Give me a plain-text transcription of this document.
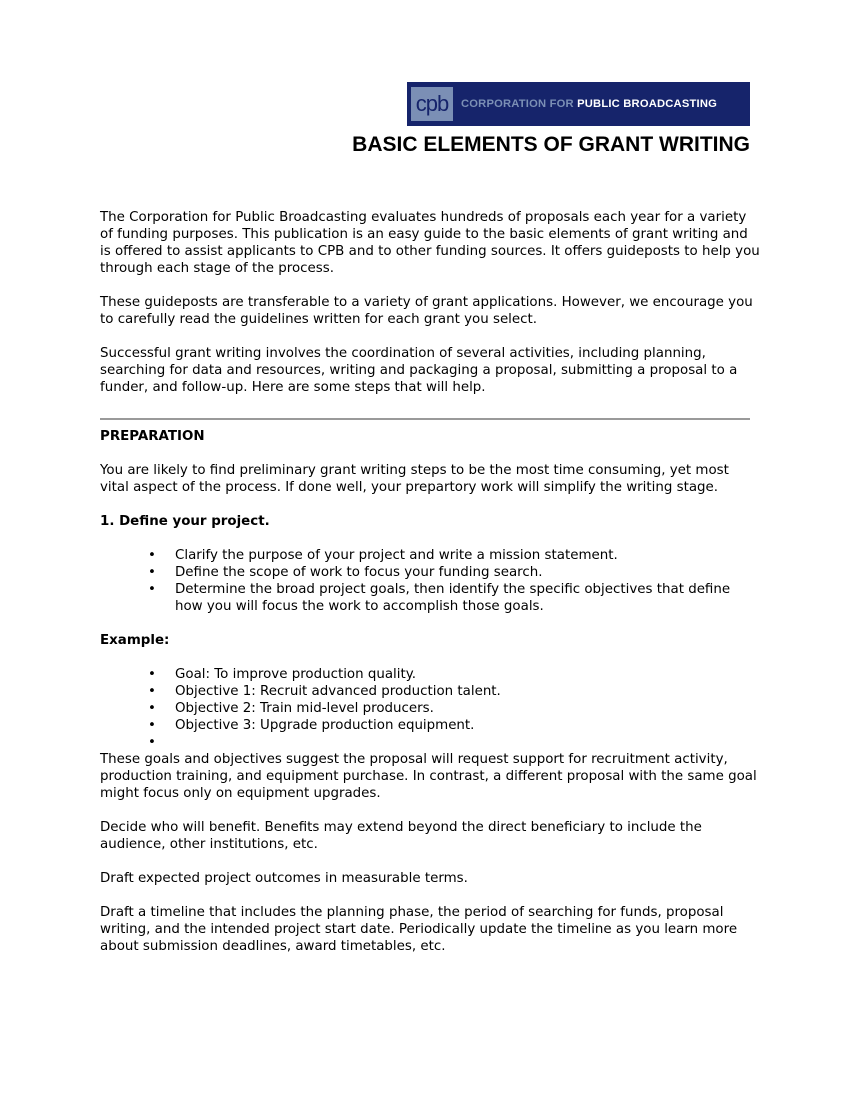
cpb	CORPORATION FOR PUBLIC BROADCASTING
BASIC ELEMENTS OF GRANT WRITING

The Corporation for Public Broadcasting evaluates hundreds of proposals each year for a variety of funding purposes. This publication is an easy guide to the basic elements of grant writing and is offered to assist applicants to CPB and to other funding sources. It offers guideposts to help you through each stage of the process.

These guideposts are transferable to a variety of grant applications. However, we encourage you to carefully read the guidelines written for each grant you select.

Successful grant writing involves the coordination of several activities, including planning, searching for data and resources, writing and packaging a proposal, submitting a proposal to a funder, and follow-up. Here are some steps that will help.

PREPARATION

You are likely to find preliminary grant writing steps to be the most time consuming, yet most vital aspect of the process. If done well, your prepartory work will simplify the writing stage.

1. Define your project.

• Clarify the purpose of your project and write a mission statement.
• Define the scope of work to focus your funding search.
• Determine the broad project goals, then identify the specific objectives that define how you will focus the work to accomplish those goals.

Example:

• Goal: To improve production quality.
• Objective 1: Recruit advanced production talent.
• Objective 2: Train mid-level producers.
• Objective 3: Upgrade production equipment.
•

These goals and objectives suggest the proposal will request support for recruitment activity, production training, and equipment purchase. In contrast, a different proposal with the same goal might focus only on equipment upgrades.

Decide who will benefit. Benefits may extend beyond the direct beneficiary to include the audience, other institutions, etc.

Draft expected project outcomes in measurable terms.

Draft a timeline that includes the planning phase, the period of searching for funds, proposal writing, and the intended project start date. Periodically update the timeline as you learn more about submission deadlines, award timetables, etc.
